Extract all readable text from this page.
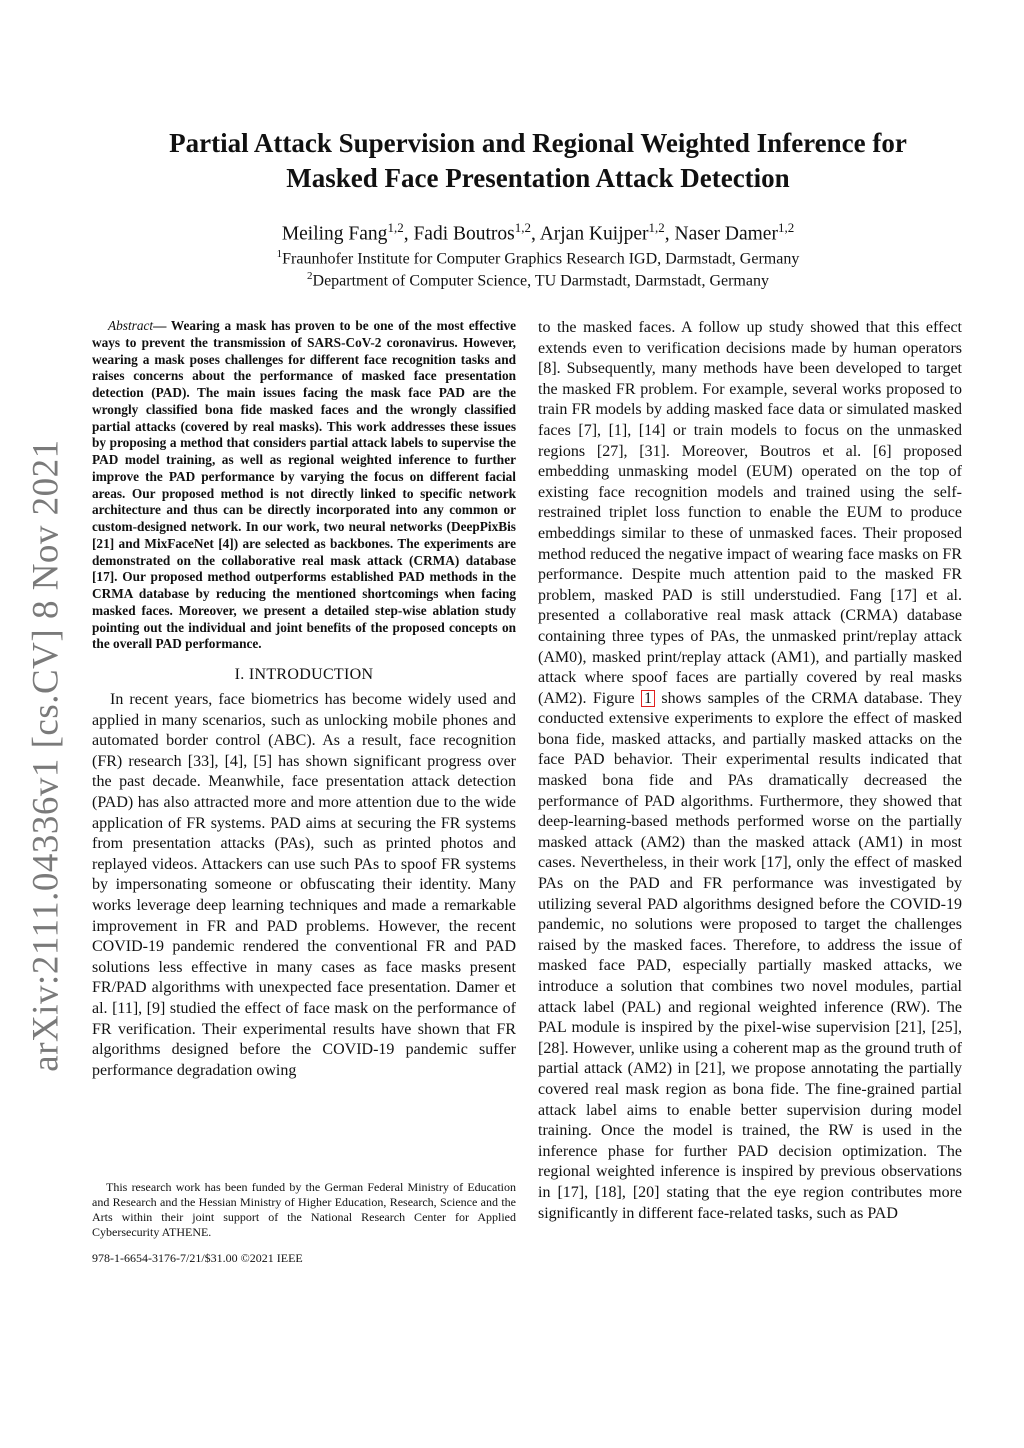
arXiv:2111.04336v1 [cs.CV] 8 Nov 2021
Partial Attack Supervision and Regional Weighted Inference for
Masked Face Presentation Attack Detection
Meiling Fang$^{1,2}$, Fadi Boutros$^{1,2}$, Arjan Kuijper$^{1,2}$, Naser Damer$^{1,2}$
$^1$Fraunhofer Institute for Computer Graphics Research IGD, Darmstadt, Germany
$^2$Department of Computer Science, TU Darmstadt, Darmstadt, Germany

Abstract— Wearing a mask has proven to be one of the most effective ways to prevent the transmission of SARS-CoV-2 coronavirus. However, wearing a mask poses challenges for different face recognition tasks and raises concerns about the performance of masked face presentation detection (PAD). The main issues facing the mask face PAD are the wrongly classified bona fide masked faces and the wrongly classified partial attacks (covered by real masks). This work addresses these issues by proposing a method that considers partial attack labels to supervise the PAD model training, as well as regional weighted inference to further improve the PAD performance by varying the focus on different facial areas. Our proposed method is not directly linked to specific network architecture and thus can be directly incorporated into any common or custom-designed network. In our work, two neural networks (DeepPixBis [21] and MixFaceNet [4]) are selected as backbones. The experiments are demonstrated on the collaborative real mask attack (CRMA) database [17]. Our proposed method outperforms established PAD methods in the CRMA database by reducing the mentioned shortcomings when facing masked faces. Moreover, we present a detailed step-wise ablation study pointing out the individual and joint benefits of the proposed concepts on the overall PAD performance.

I. INTRODUCTION

In recent years, face biometrics has become widely used and applied in many scenarios, such as unlocking mobile phones and automated border control (ABC). As a result, face recognition (FR) research [33], [4], [5] has shown significant progress over the past decade. Meanwhile, face presentation attack detection (PAD) has also attracted more and more attention due to the wide application of FR systems. PAD aims at securing the FR systems from presentation attacks (PAs), such as printed photos and replayed videos. Attackers can use such PAs to spoof FR systems by impersonating someone or obfuscating their identity. Many works leverage deep learning techniques and made a remarkable improvement in FR and PAD problems. However, the recent COVID-19 pandemic rendered the conventional FR and PAD solutions less effective in many cases as face masks present FR/PAD algorithms with unexpected face presentation. Damer et al. [11], [9] studied the effect of face mask on the performance of FR verification. Their experimental results have shown that FR algorithms designed before the COVID-19 pandemic suffer performance degradation owing

to the masked faces. A follow up study showed that this effect extends even to verification decisions made by human operators [8]. Subsequently, many methods have been developed to target the masked FR problem. For example, several works proposed to train FR models by adding masked face data or simulated masked faces [7], [1], [14] or train models to focus on the unmasked regions [27], [31]. Moreover, Boutros et al. [6] proposed embedding unmasking model (EUM) operated on the top of existing face recognition models and trained using the self-restrained triplet loss function to enable the EUM to produce embeddings similar to these of unmasked faces. Their proposed method reduced the negative impact of wearing face masks on FR performance. Despite much attention paid to the masked FR problem, masked PAD is still understudied. Fang [17] et al. presented a collaborative real mask attack (CRMA) database containing three types of PAs, the unmasked print/replay attack (AM0), masked print/replay attack (AM1), and partially masked attack where spoof faces are partially covered by real masks (AM2). Figure 1 shows samples of the CRMA database. They conducted extensive experiments to explore the effect of masked bona fide, masked attacks, and partially masked attacks on the face PAD behavior. Their experimental results indicated that masked bona fide and PAs dramatically decreased the performance of PAD algorithms. Furthermore, they showed that deep-learning-based methods performed worse on the partially masked attack (AM2) than the masked attack (AM1) in most cases. Nevertheless, in their work [17], only the effect of masked PAs on the PAD and FR performance was investigated by utilizing several PAD algorithms designed before the COVID-19 pandemic, no solutions were proposed to target the challenges raised by the masked faces. Therefore, to address the issue of masked face PAD, especially partially masked attacks, we introduce a solution that combines two novel modules, partial attack label (PAL) and regional weighted inference (RW). The PAL module is inspired by the pixel-wise supervision [21], [25], [28]. However, unlike using a coherent map as the ground truth of partial attack (AM2) in [21], we propose annotating the partially covered real mask region as bona fide. The fine-grained partial attack label aims to enable better supervision during model training. Once the model is trained, the RW is used in the inference phase for further PAD decision optimization. The regional weighted inference is inspired by previous observations in [17], [18], [20] stating that the eye region contributes more significantly in different face-related tasks, such as PAD

This research work has been funded by the German Federal Ministry of Education and Research and the Hessian Ministry of Higher Education, Research, Science and the Arts within their joint support of the National Research Center for Applied Cybersecurity ATHENE.

978-1-6654-3176-7/21/$31.00 ©2021 IEEE
